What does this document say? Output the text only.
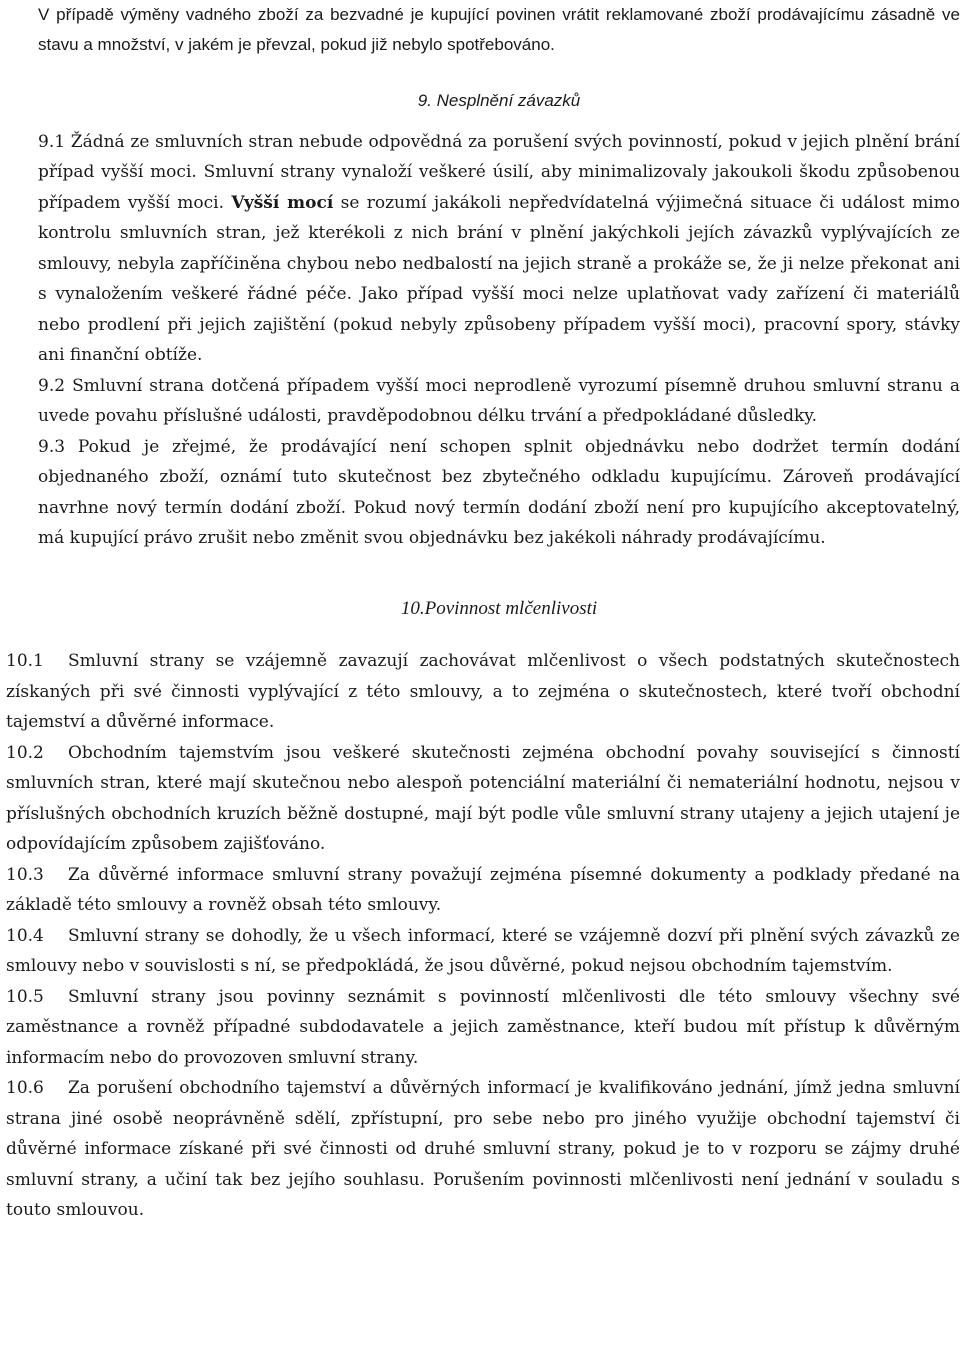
V případě výměny vadného zboží za bezvadné je kupující povinen vrátit reklamované zboží prodávajícímu zásadně ve stavu a množství, v jakém je převzal, pokud již nebylo spotřebováno.

9. Nesplnění závazků

9.1 Žádná ze smluvních stran nebude odpovědná za porušení svých povinností, pokud v jejich plnění brání případ vyšší moci. Smluvní strany vynaloží veškeré úsilí, aby minimalizovaly jakoukoli škodu způsobenou případem vyšší moci. Vyšší mocí se rozumí jakákoli nepředvídatelná výjimečná situace či událost mimo kontrolu smluvních stran, jež kterékoli z nich brání v plnění jakýchkoli jejích závazků vyplývajících ze smlouvy, nebyla zapříčiněna chybou nebo nedbalostí na jejich straně a prokáže se, že ji nelze překonat ani s vynaložením veškeré řádné péče. Jako případ vyšší moci nelze uplatňovat vady zařízení či materiálů nebo prodlení při jejich zajištění (pokud nebyly způsobeny případem vyšší moci), pracovní spory, stávky ani finanční obtíže.

9.2 Smluvní strana dotčená případem vyšší moci neprodleně vyrozumí písemně druhou smluvní stranu a uvede povahu příslušné události, pravděpodobnou délku trvání a předpokládané důsledky.

9.3 Pokud je zřejmé, že prodávající není schopen splnit objednávku nebo dodržet termín dodání objednaného zboží, oznámí tuto skutečnost bez zbytečného odkladu kupujícímu. Zároveň prodávající navrhne nový termín dodání zboží. Pokud nový termín dodání zboží není pro kupujícího akceptovatelný, má kupující právo zrušit nebo změnit svou objednávku bez jakékoli náhrady prodávajícímu.

10.Povinnost mlčenlivosti

10.1 Smluvní strany se vzájemně zavazují zachovávat mlčenlivost o všech podstatných skutečnostech získaných při své činnosti vyplývající z této smlouvy, a to zejména o skutečnostech, které tvoří obchodní tajemství a důvěrné informace.

10.2 Obchodním tajemstvím jsou veškeré skutečnosti zejména obchodní povahy související s činností smluvních stran, které mají skutečnou nebo alespoň potenciální materiální či nemateriální hodnotu, nejsou v příslušných obchodních kruzích běžně dostupné, mají být podle vůle smluvní strany utajeny a jejich utajení je odpovídajícím způsobem zajišťováno.

10.3 Za důvěrné informace smluvní strany považují zejména písemné dokumenty a podklady předané na základě této smlouvy a rovněž obsah této smlouvy.

10.4 Smluvní strany se dohodly, že u všech informací, které se vzájemně dozví při plnění svých závazků ze smlouvy nebo v souvislosti s ní, se předpokládá, že jsou důvěrné, pokud nejsou obchodním tajemstvím.

10.5 Smluvní strany jsou povinny seznámit s povinností mlčenlivosti dle této smlouvy všechny své zaměstnance a rovněž případné subdodavatele a jejich zaměstnance, kteří budou mít přístup k důvěrným informacím nebo do provozoven smluvní strany.

10.6 Za porušení obchodního tajemství a důvěrných informací je kvalifikováno jednání, jímž jedna smluvní strana jiné osobě neoprávněně sdělí, zpřístupní, pro sebe nebo pro jiného využije obchodní tajemství či důvěrné informace získané při své činnosti od druhé smluvní strany, pokud je to v rozporu se zájmy druhé smluvní strany, a učiní tak bez jejího souhlasu. Porušením povinnosti mlčenlivosti není jednání v souladu s touto smlouvou.
